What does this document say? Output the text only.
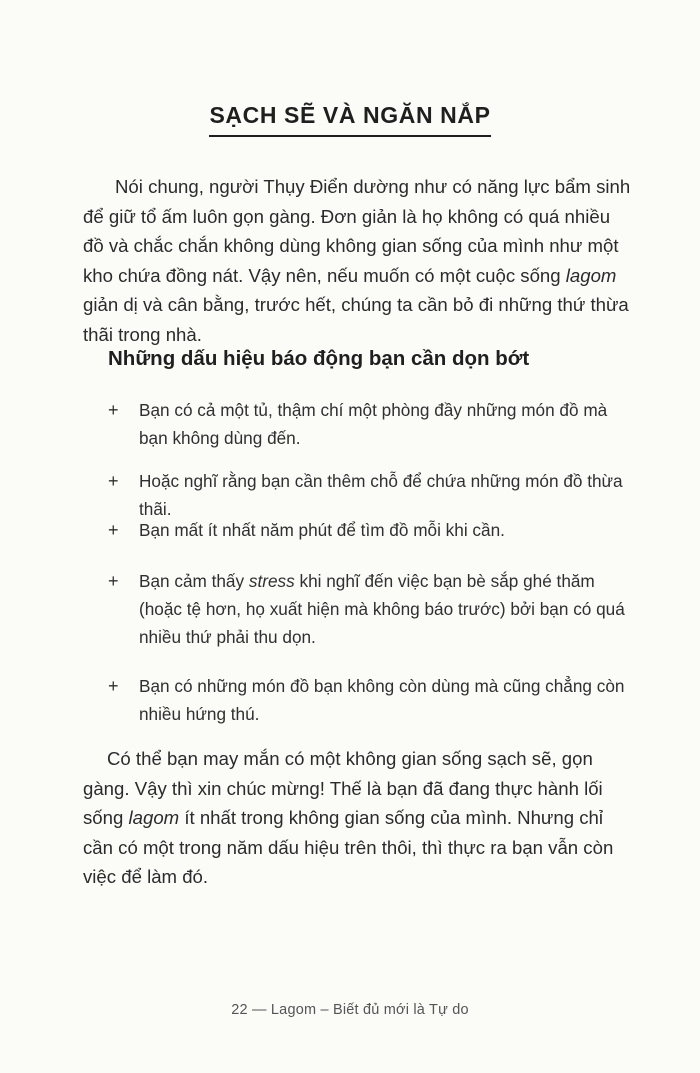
SẠCH SẼ VÀ NGĂN NẮP

Nói chung, người Thụy Điển dường như có năng lực bẩm sinh để giữ tổ ấm luôn gọn gàng. Đơn giản là họ không có quá nhiều đồ và chắc chắn không dùng không gian sống của mình như một kho chứa đồng nát. Vậy nên, nếu muốn có một cuộc sống lagom giản dị và cân bằng, trước hết, chúng ta cần bỏ đi những thứ thừa thãi trong nhà.

Những dấu hiệu báo động bạn cần dọn bớt

+	Bạn có cả một tủ, thậm chí một phòng đầy những món đồ mà bạn không dùng đến.
+	Hoặc nghĩ rằng bạn cần thêm chỗ để chứa những món đồ thừa thãi.
+	Bạn mất ít nhất năm phút để tìm đồ mỗi khi cần.
+	Bạn cảm thấy stress khi nghĩ đến việc bạn bè sắp ghé thăm (hoặc tệ hơn, họ xuất hiện mà không báo trước) bởi bạn có quá nhiều thứ phải thu dọn.
+	Bạn có những món đồ bạn không còn dùng mà cũng chẳng còn nhiều hứng thú.

Có thể bạn may mắn có một không gian sống sạch sẽ, gọn gàng. Vậy thì xin chúc mừng! Thế là bạn đã đang thực hành lối sống lagom ít nhất trong không gian sống của mình. Nhưng chỉ cần có một trong năm dấu hiệu trên thôi, thì thực ra bạn vẫn còn việc để làm đó.

22 — Lagom – Biết đủ mới là Tự do
